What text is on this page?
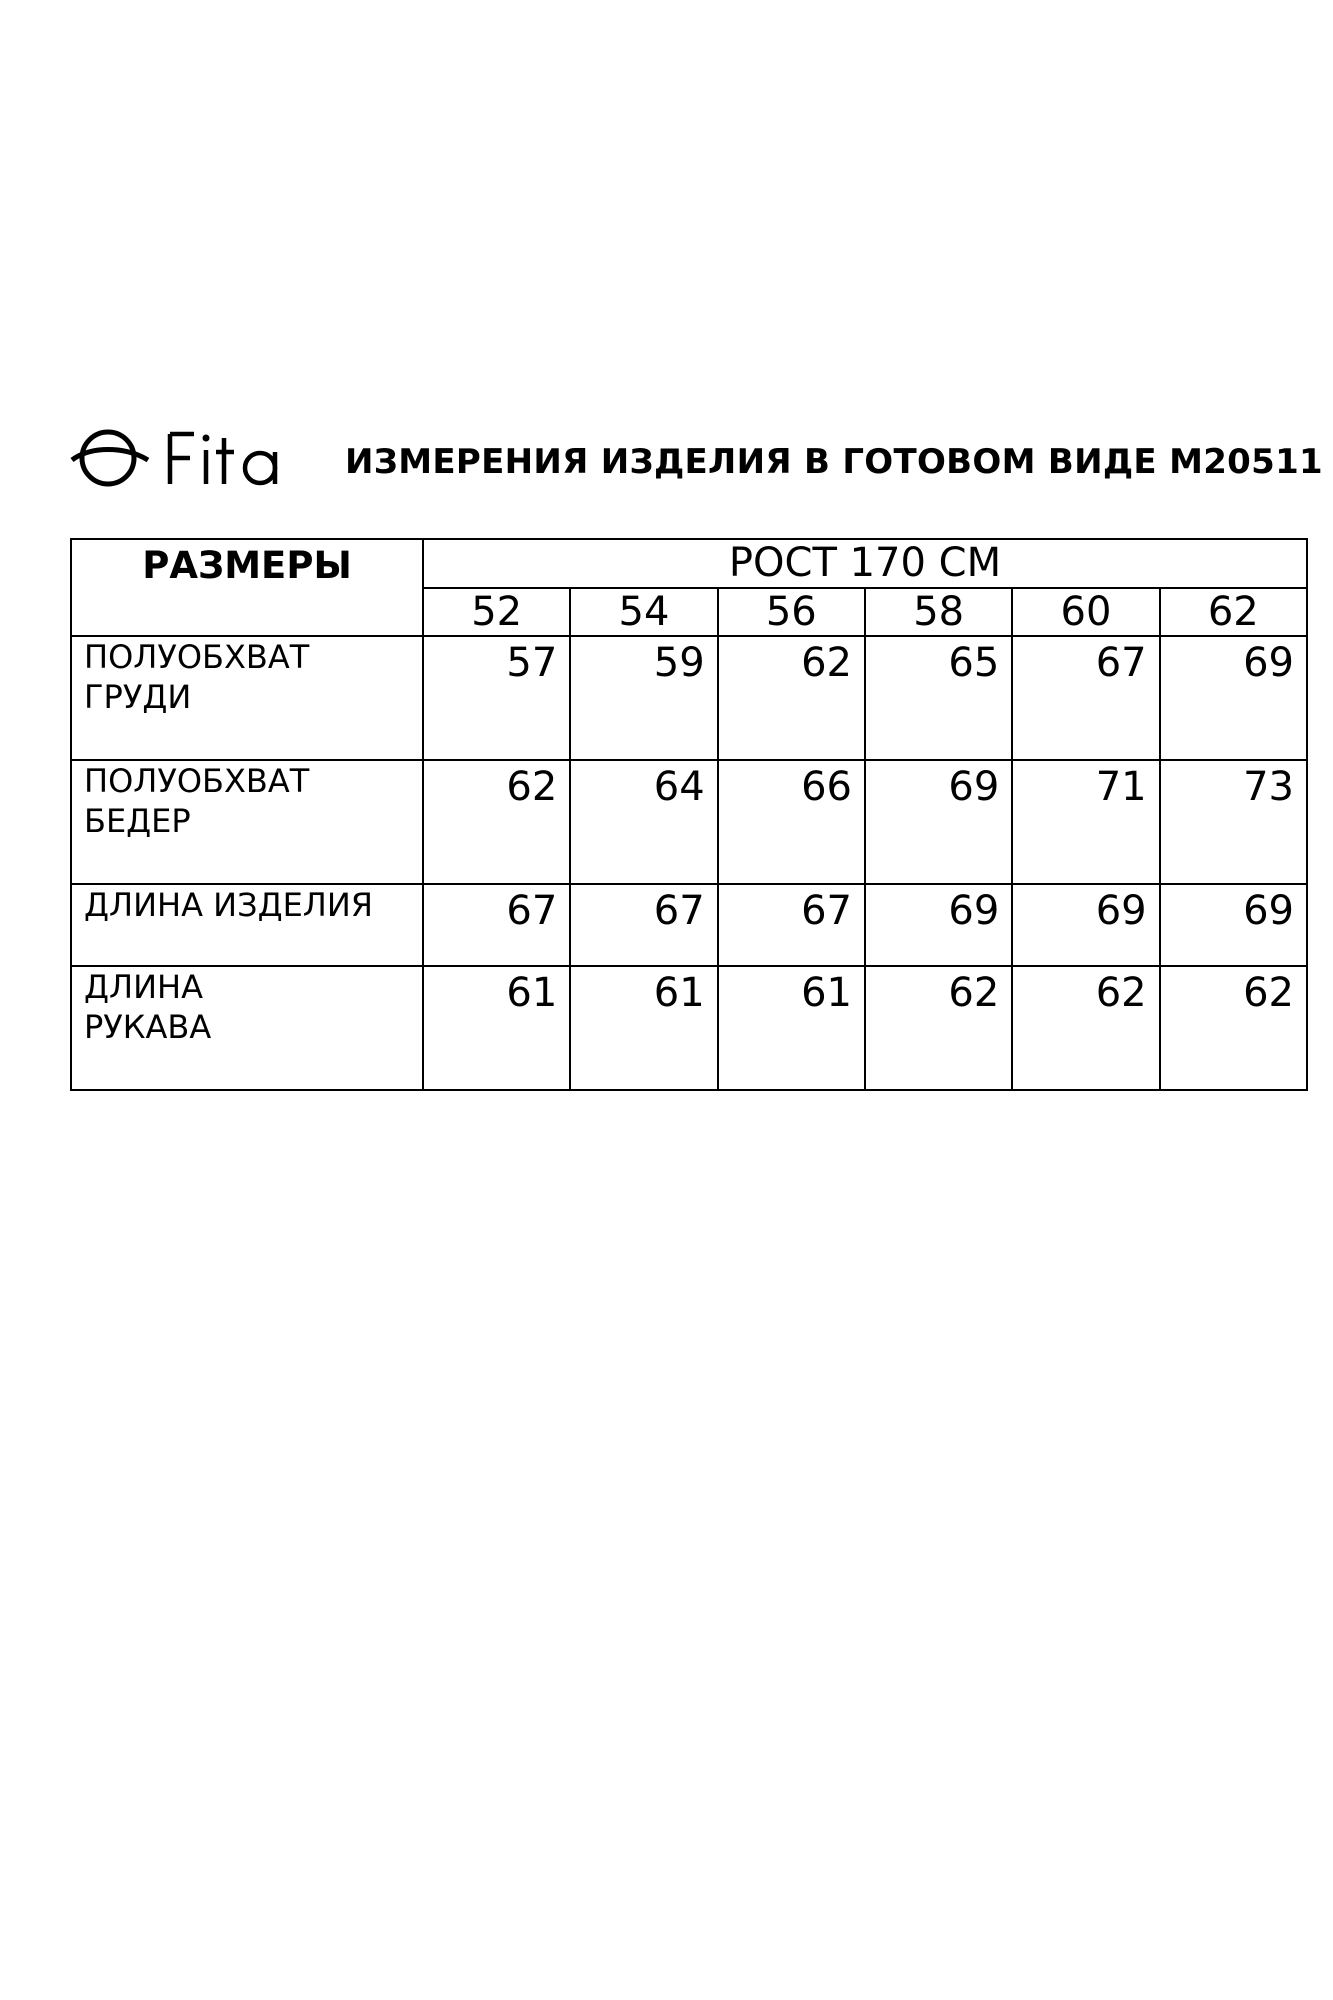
ИЗМЕРЕНИЯ ИЗДЕЛИЯ В ГОТОВОМ ВИДЕ М20511
РАЗМЕРЫ	РОСТ 170 СМ					
	52	54	56	58	60	62

ПОЛУОБХВАТ
ГРУДИ	57	59	62	65	67	69

ПОЛУОБХВАТ
БЕДЕР	62	64	66	69	71	73

ДЛИНА ИЗДЕЛИЯ	67	67	67	69	69	69

ДЛИНА
РУКАВА	61	61	61	62	62	62
